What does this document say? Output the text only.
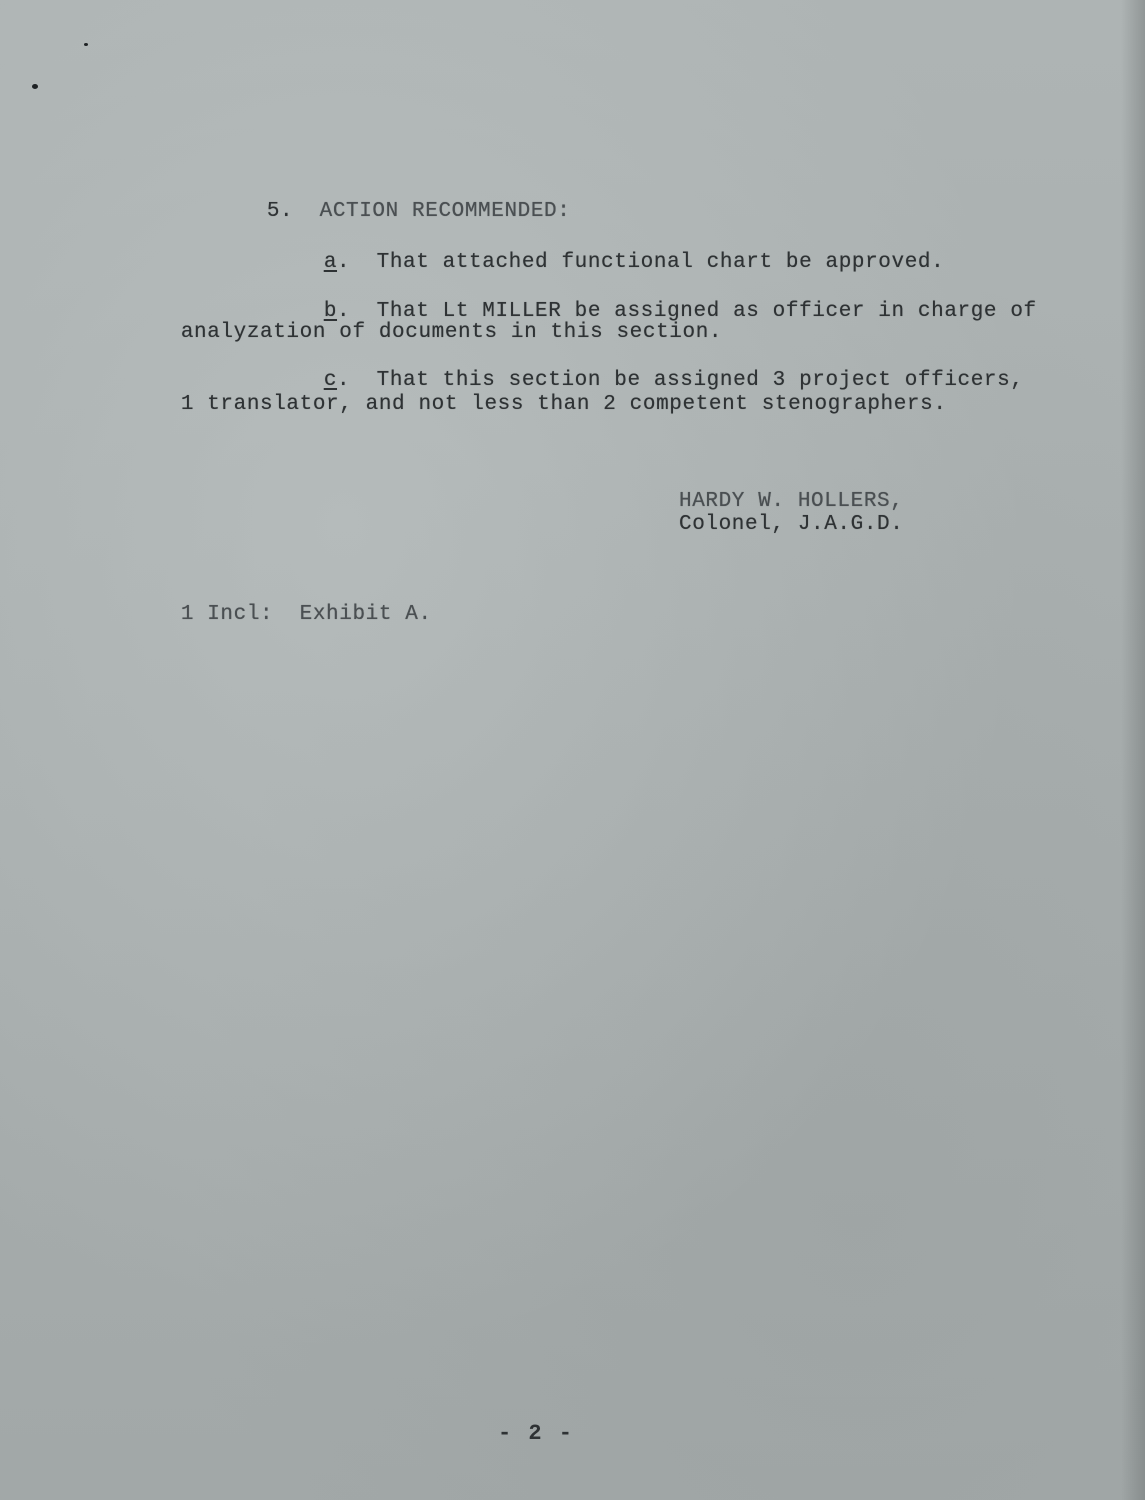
5. ACTION RECOMMENDED:

a.  That attached functional chart be approved.

b.  That Lt MILLER be assigned as officer in charge of

analyzation of documents in this section.

c.  That this section be assigned 3 project officers,

1 translator, and not less than 2 competent stenographers.

HARDY W. HOLLERS,
Colonel, J.A.G.D.

1 Incl: Exhibit A.

- 2 -
